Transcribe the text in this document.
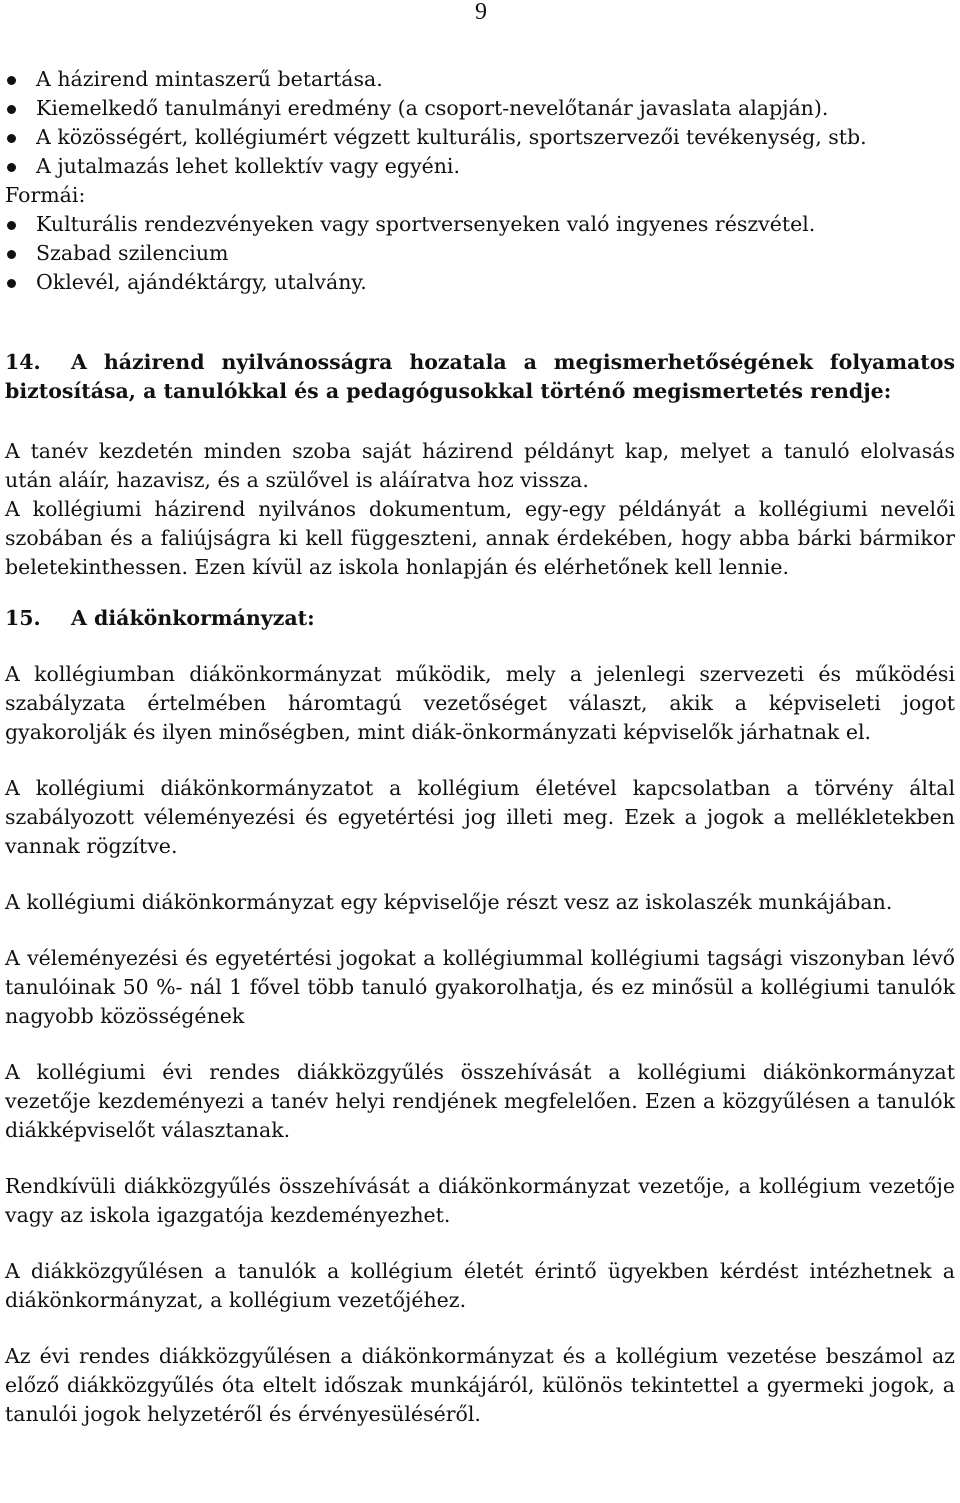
9
A házirend mintaszerű betartása.
Kiemelkedő tanulmányi eredmény (a csoport-nevelőtanár javaslata alapján).
A közösségért, kollégiumért végzett kulturális, sportszervezői tevékenység, stb.
A jutalmazás lehet kollektív vagy egyéni.
Formái:
Kulturális rendezvényeken vagy sportversenyeken való ingyenes részvétel.
Szabad szilencium
Oklevél, ajándéktárgy, utalvány.

14. A házirend nyilvánosságra hozatala a megismerhetőségének folyamatos biztosítása, a tanulókkal és a pedagógusokkal történő megismertetés rendje:

A tanév kezdetén minden szoba saját házirend példányt kap, melyet a tanuló elolvasás után aláír, hazavisz, és a szülővel is aláíratva hoz vissza.

A kollégiumi házirend nyilvános dokumentum, egy-egy példányát a kollégiumi nevelői szobában és a faliújságra ki kell függeszteni, annak érdekében, hogy abba bárki bármikor beletekinthessen. Ezen kívül az iskola honlapján és elérhetőnek kell lennie.

15. A diákönkormányzat:

A kollégiumban diákönkormányzat működik, mely a jelenlegi szervezeti és működési szabályzata értelmében háromtagú vezetőséget választ, akik a képviseleti jogot gyakorolják és ilyen minőségben, mint diák-önkormányzati képviselők járhatnak el.

A kollégiumi diákönkormányzatot a kollégium életével kapcsolatban a törvény által szabályozott véleményezési és egyetértési jog illeti meg. Ezek a jogok a mellékletekben vannak rögzítve.

A kollégiumi diákönkormányzat egy képviselője részt vesz az iskolaszék munkájában.

A véleményezési és egyetértési jogokat a kollégiummal kollégiumi tagsági viszonyban lévő tanulóinak 50 %- nál 1 fővel több tanuló gyakorolhatja, és ez minősül a kollégiumi tanulók nagyobb közösségének

A kollégiumi évi rendes diákközgyűlés összehívását a kollégiumi diákönkormányzat vezetője kezdeményezi a tanév helyi rendjének megfelelően. Ezen a közgyűlésen a tanulók diákképviselőt választanak.

Rendkívüli diákközgyűlés összehívását a diákönkormányzat vezetője, a kollégium vezetője vagy az iskola igazgatója kezdeményezhet.

A diákközgyűlésen a tanulók a kollégium életét érintő ügyekben kérdést intézhetnek a diákönkormányzat, a kollégium vezetőjéhez.

Az évi rendes diákközgyűlésen a diákönkormányzat és a kollégium vezetése beszámol az előző diákközgyűlés óta eltelt időszak munkájáról, különös tekintettel a gyermeki jogok, a tanulói jogok helyzetéről és érvényesüléséről.
